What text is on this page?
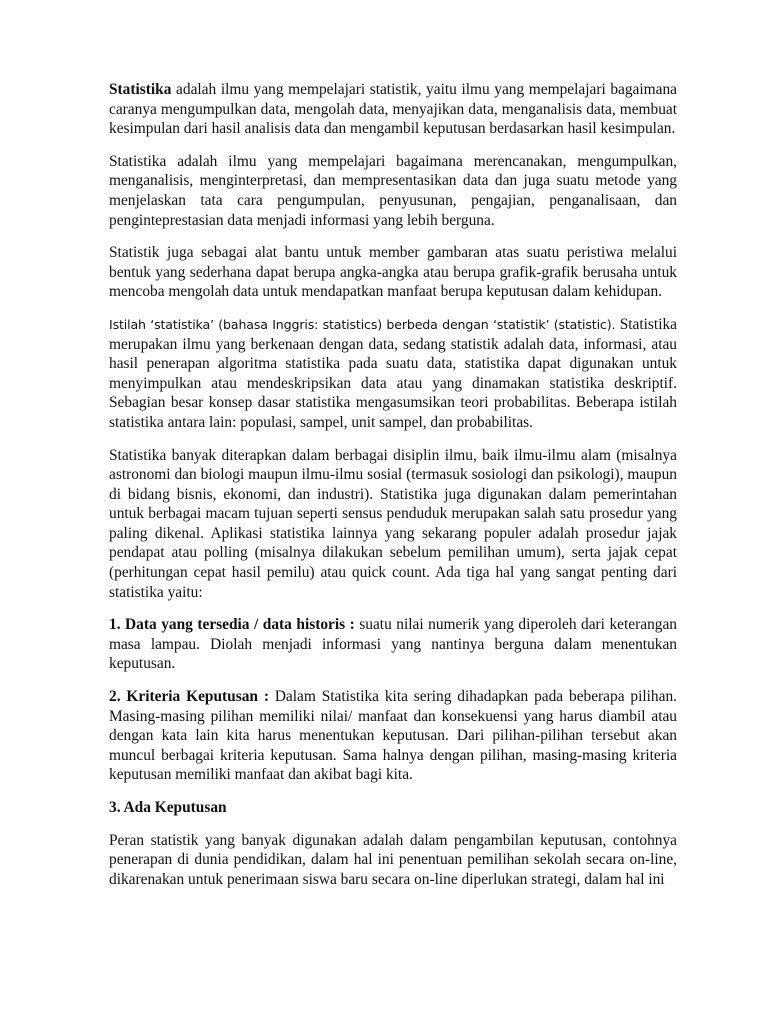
Statistika adalah ilmu yang mempelajari statistik, yaitu ilmu yang mempelajari bagaimana caranya mengumpulkan data, mengolah data, menyajikan data, menganalisis data, membuat kesimpulan dari hasil analisis data dan mengambil keputusan berdasarkan hasil kesimpulan.

Statistika adalah ilmu yang mempelajari bagaimana merencanakan, mengumpulkan, menganalisis, menginterpretasi, dan mempresentasikan data dan juga suatu metode yang menjelaskan tata cara pengumpulan, penyusunan, pengajian, penganalisaan, dan penginteprestasian data menjadi informasi yang lebih berguna.

Statistik juga sebagai alat bantu untuk member gambaran atas suatu peristiwa melalui bentuk yang sederhana dapat berupa angka-angka atau berupa grafik-grafik berusaha untuk mencoba mengolah data untuk mendapatkan manfaat berupa keputusan dalam kehidupan.

Istilah ‘statistika’ (bahasa Inggris: statistics) berbeda dengan ‘statistik’ (statistic). Statistika merupakan ilmu yang berkenaan dengan data, sedang statistik adalah data, informasi, atau hasil penerapan algoritma statistika pada suatu data, statistika dapat digunakan untuk menyimpulkan atau mendeskripsikan data atau yang dinamakan statistika deskriptif. Sebagian besar konsep dasar statistika mengasumsikan teori probabilitas. Beberapa istilah statistika antara lain: populasi, sampel, unit sampel, dan probabilitas.

Statistika banyak diterapkan dalam berbagai disiplin ilmu, baik ilmu-ilmu alam (misalnya astronomi dan biologi maupun ilmu-ilmu sosial (termasuk sosiologi dan psikologi), maupun di bidang bisnis, ekonomi, dan industri). Statistika juga digunakan dalam pemerintahan untuk berbagai macam tujuan seperti sensus penduduk merupakan salah satu prosedur yang paling dikenal. Aplikasi statistika lainnya yang sekarang populer adalah prosedur jajak pendapat atau polling (misalnya dilakukan sebelum pemilihan umum), serta jajak cepat (perhitungan cepat hasil pemilu) atau quick count. Ada tiga hal yang sangat penting dari statistika yaitu:

1. Data yang tersedia / data historis : suatu nilai numerik yang diperoleh dari keterangan masa lampau. Diolah menjadi informasi yang nantinya berguna dalam menentukan keputusan.

2. Kriteria Keputusan : Dalam Statistika kita sering dihadapkan pada beberapa pilihan. Masing-masing pilihan memiliki nilai/ manfaat dan konsekuensi yang harus diambil atau dengan kata lain kita harus menentukan keputusan. Dari pilihan-pilihan tersebut akan muncul berbagai kriteria keputusan. Sama halnya dengan pilihan, masing-masing kriteria keputusan memiliki manfaat dan akibat bagi kita.

3. Ada Keputusan

Peran statistik yang banyak digunakan adalah dalam pengambilan keputusan, contohnya penerapan di dunia pendidikan, dalam hal ini penentuan pemilihan sekolah secara on-line, dikarenakan untuk penerimaan siswa baru secara on-line diperlukan strategi, dalam hal ini
